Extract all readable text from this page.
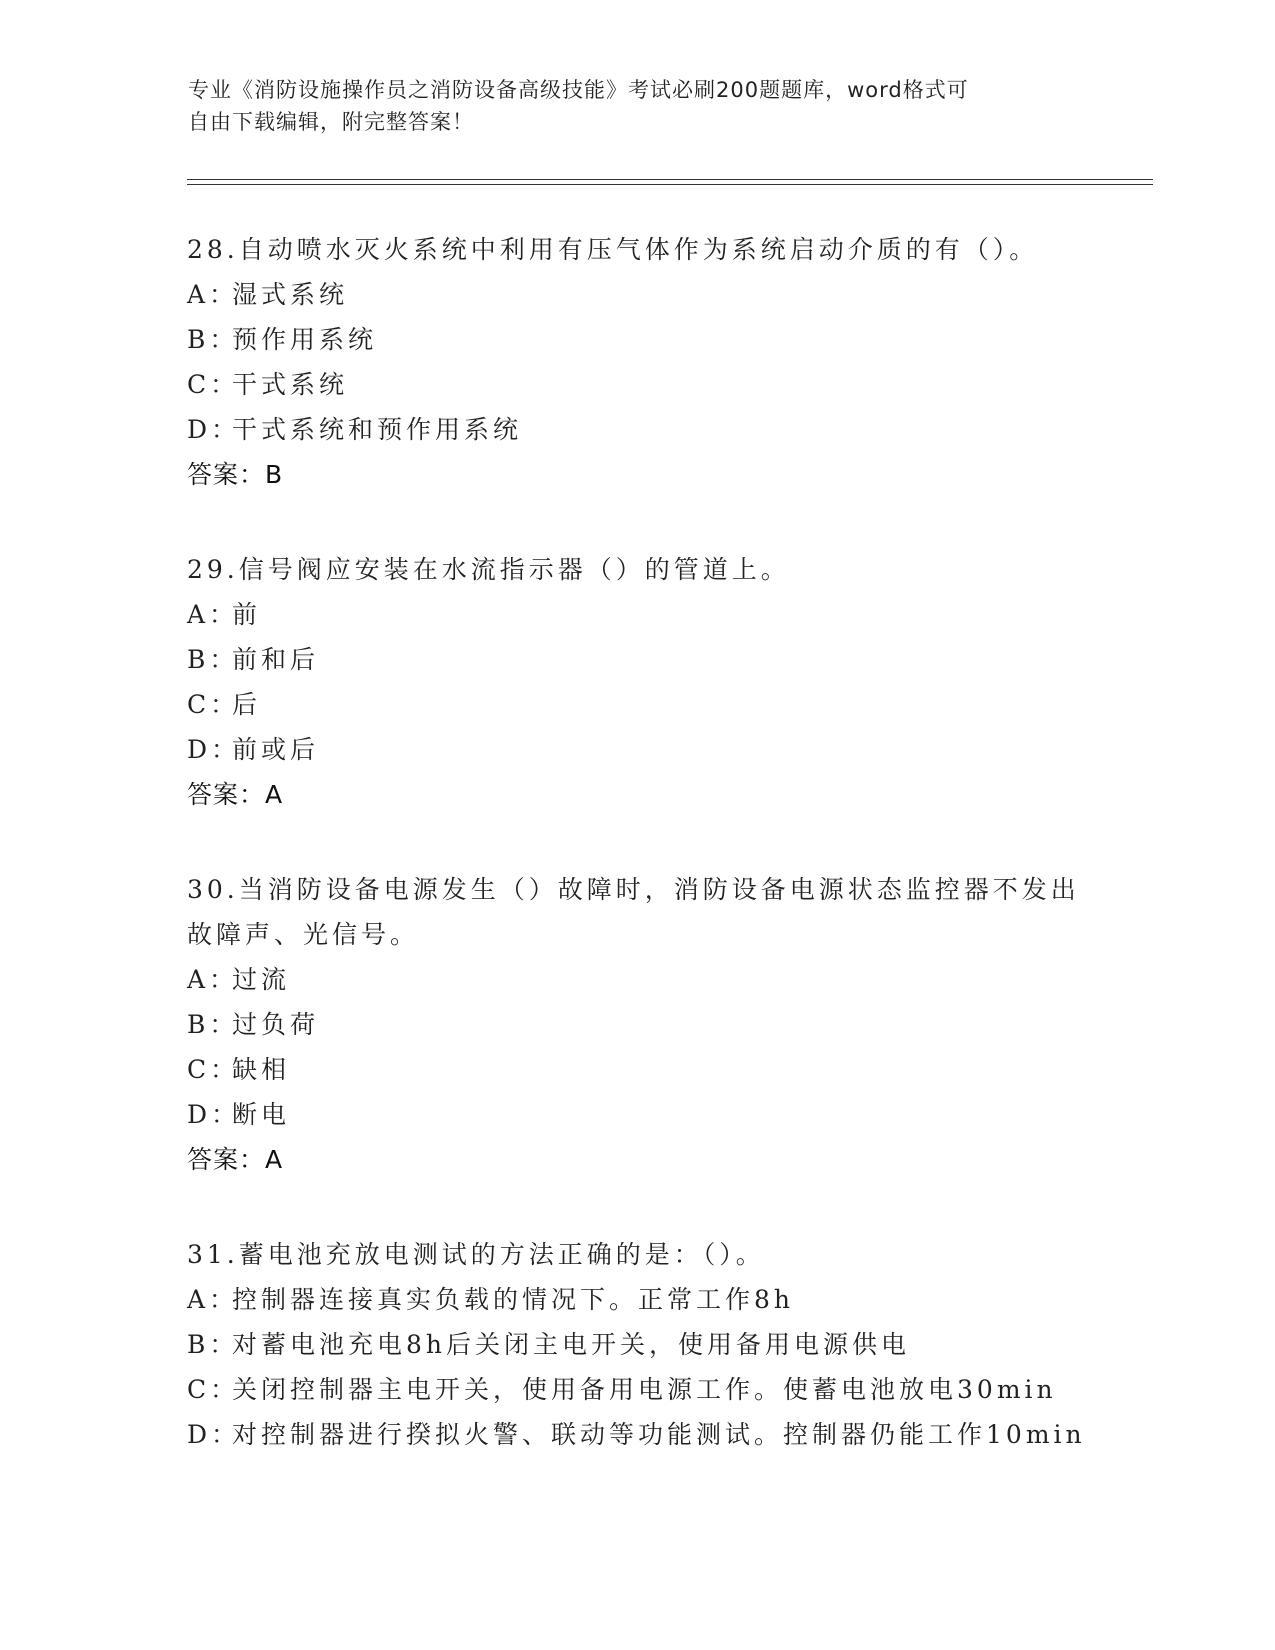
专业《消防设施操作员之消防设备高级技能》考试必刷200题题库，word格式可
自由下载编辑，附完整答案！

28.自动喷水灭火系统中利用有压气体作为系统启动介质的有（）。

A：湿式系统

B：预作用系统

C：干式系统

D：干式系统和预作用系统

答案：B

29.信号阀应安装在水流指示器（）的管道上。

A：前

B：前和后

C：后

D：前或后

答案：A

30.当消防设备电源发生（）故障时，消防设备电源状态监控器不发出
故障声、光信号。

A：过流

B：过负荷

C：缺相

D：断电

答案：A

31.蓄电池充放电测试的方法正确的是：（）。

A：控制器连接真实负载的情况下。正常工作8h

B：对蓄电池充电8h后关闭主电开关，使用备用电源供电

C：关闭控制器主电开关，使用备用电源工作。使蓄电池放电30min

D：对控制器进行揆拟火警、联动等功能测试。控制器仍能工作10min
